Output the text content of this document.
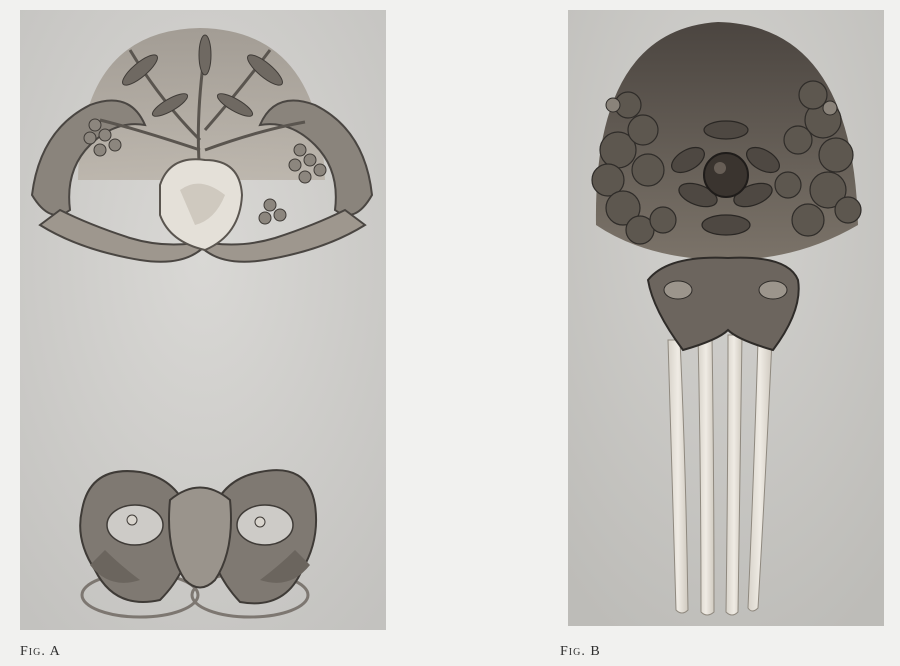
Fig. A	Fig. B
